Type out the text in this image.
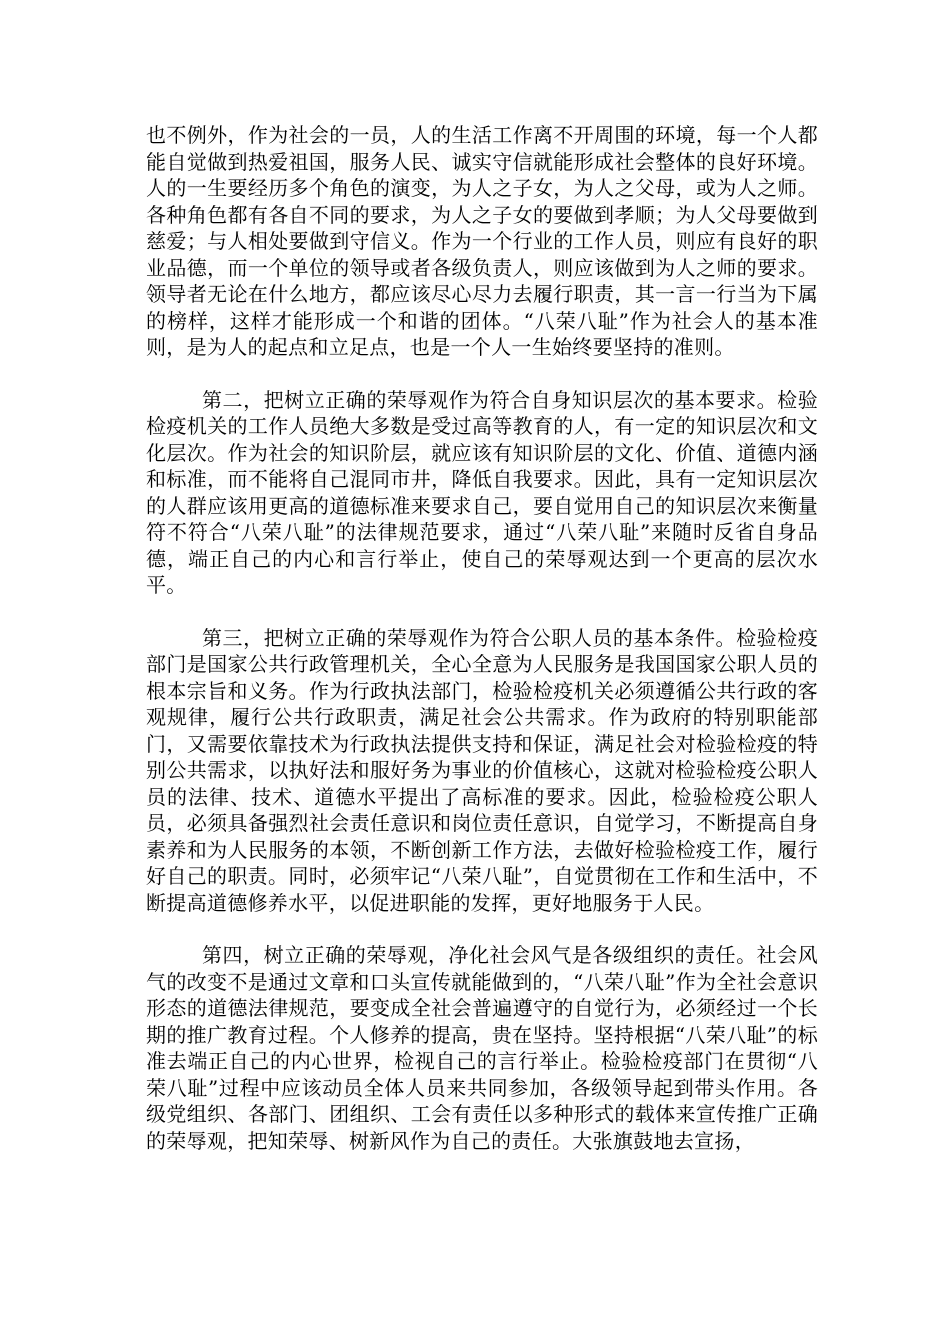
也不例外，作为社会的一员，人的生活工作离不开周围的环境，每一个人都能自觉做到热爱祖国，服务人民、诚实守信就能形成社会整体的良好环境。人的一生要经历多个角色的演变，为人之子女，为人之父母，或为人之师。各种角色都有各自不同的要求，为人之子女的要做到孝顺；为人父母要做到慈爱；与人相处要做到守信义。作为一个行业的工作人员，则应有良好的职业品德，而一个单位的领导或者各级负责人，则应该做到为人之师的要求。领导者无论在什么地方，都应该尽心尽力去履行职责，其一言一行当为下属的榜样，这样才能形成一个和谐的团体。“八荣八耻”作为社会人的基本准则，是为人的起点和立足点，也是一个人一生始终要坚持的准则。

第二，把树立正确的荣辱观作为符合自身知识层次的基本要求。检验检疫机关的工作人员绝大多数是受过高等教育的人，有一定的知识层次和文化层次。作为社会的知识阶层，就应该有知识阶层的文化、价值、道德内涵和标准，而不能将自己混同市井，降低自我要求。因此，具有一定知识层次的人群应该用更高的道德标准来要求自己，要自觉用自己的知识层次来衡量符不符合“八荣八耻”的法律规范要求，通过“八荣八耻”来随时反省自身品德，端正自己的内心和言行举止，使自己的荣辱观达到一个更高的层次水平。

第三，把树立正确的荣辱观作为符合公职人员的基本条件。检验检疫部门是国家公共行政管理机关，全心全意为人民服务是我国国家公职人员的根本宗旨和义务。作为行政执法部门，检验检疫机关必须遵循公共行政的客观规律，履行公共行政职责，满足社会公共需求。作为政府的特别职能部门，又需要依靠技术为行政执法提供支持和保证，满足社会对检验检疫的特别公共需求，以执好法和服好务为事业的价值核心，这就对检验检疫公职人员的法律、技术、道德水平提出了高标准的要求。因此，检验检疫公职人员，必须具备强烈社会责任意识和岗位责任意识，自觉学习，不断提高自身素养和为人民服务的本领，不断创新工作方法，去做好检验检疫工作，履行好自己的职责。同时，必须牢记“八荣八耻”，自觉贯彻在工作和生活中，不断提高道德修养水平，以促进职能的发挥，更好地服务于人民。

第四，树立正确的荣辱观，净化社会风气是各级组织的责任。社会风气的改变不是通过文章和口头宣传就能做到的，“八荣八耻”作为全社会意识形态的道德法律规范，要变成全社会普遍遵守的自觉行为，必须经过一个长期的推广教育过程。个人修养的提高，贵在坚持。坚持根据“八荣八耻”的标准去端正自己的内心世界，检视自己的言行举止。检验检疫部门在贯彻“八荣八耻”过程中应该动员全体人员来共同参加，各级领导起到带头作用。各级党组织、各部门、团组织、工会有责任以多种形式的载体来宣传推广正确的荣辱观，把知荣辱、树新风作为自己的责任。大张旗鼓地去宣扬，
